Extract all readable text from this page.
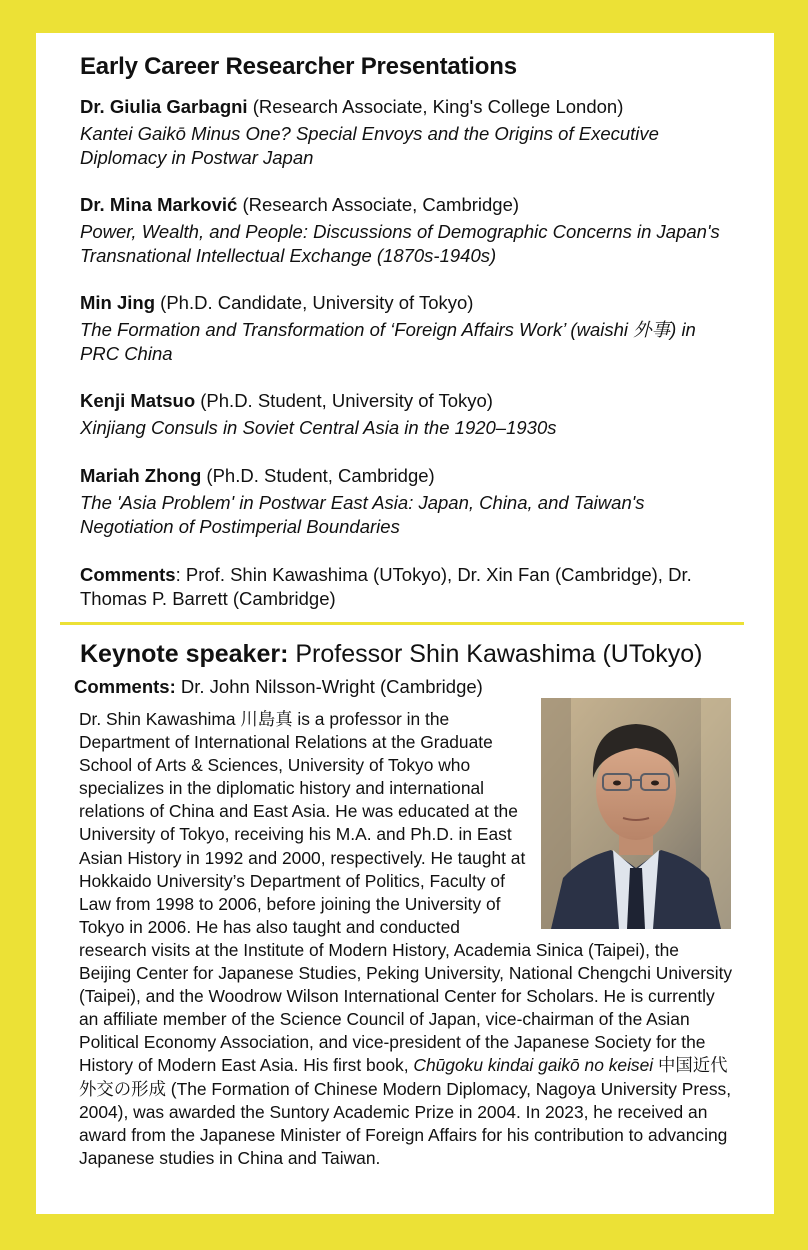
Early Career Researcher Presentations
Dr. Giulia Garbagni (Research Associate, King's College London)
Kantei Gaikō Minus One? Special Envoys and the Origins of Executive Diplomacy in Postwar Japan
Dr. Mina Marković (Research Associate, Cambridge)
Power, Wealth, and People: Discussions of Demographic Concerns in Japan's Transnational Intellectual Exchange (1870s-1940s)
Min Jing (Ph.D. Candidate, University of Tokyo)
The Formation and Transformation of ‘Foreign Affairs Work’ (waishi 外事) in PRC China
Kenji Matsuo (Ph.D. Student, University of Tokyo)
Xinjiang Consuls in Soviet Central Asia in the 1920–1930s
Mariah Zhong (Ph.D. Student, Cambridge)
The 'Asia Problem' in Postwar East Asia: Japan, China, and Taiwan's Negotiation of Postimperial Boundaries
Comments: Prof. Shin Kawashima (UTokyo), Dr. Xin Fan (Cambridge), Dr. Thomas P. Barrett (Cambridge)
Keynote speaker: Professor Shin Kawashima (UTokyo)
Comments: Dr. John Nilsson-Wright (Cambridge)

Dr. Shin Kawashima 川島真 is a professor in the Department of International Relations at the Graduate School of Arts & Sciences, University of Tokyo who specializes in the diplomatic history and international relations of China and East Asia. He was educated at the University of Tokyo, receiving his M.A. and Ph.D. in East Asian History in 1992 and 2000, respectively. He taught at Hokkaido University’s Department of Politics, Faculty of Law from 1998 to 2006, before joining the University of Tokyo in 2006. He has also taught and conducted research visits at the Institute of Modern History, Academia Sinica (Taipei), the Beijing Center for Japanese Studies, Peking University, National Chengchi University (Taipei), and the Woodrow Wilson International Center for Scholars. He is currently an affiliate member of the Science Council of Japan, vice-chairman of the Asian Political Economy Association, and vice-president of the Japanese Society for the History of Modern East Asia. His first book, Chūgoku kindai gaikō no keisei 中国近代外交の形成 (The Formation of Chinese Modern Diplomacy, Nagoya University Press, 2004), was awarded the Suntory Academic Prize in 2004. In 2023, he received an award from the Japanese Minister of Foreign Affairs for his contribution to advancing Japanese studies in China and Taiwan.
